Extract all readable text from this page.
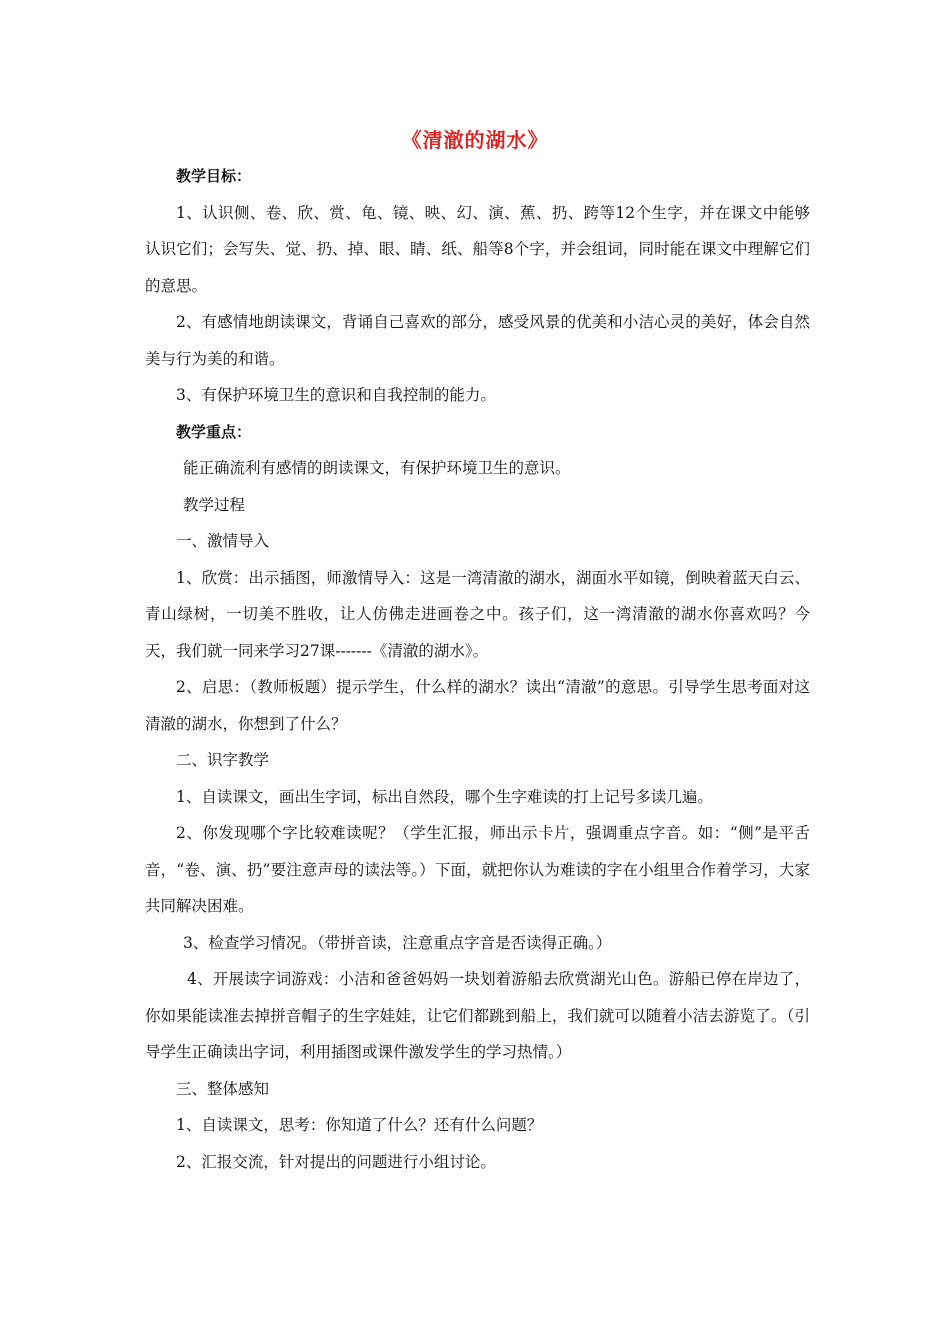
《清澈的湖水》

教学目标：

1、认识侧、卷、欣、赏、龟、镜、映、幻、演、蕉、扔、跨等12个生字，并在课文中能够认识它们；会写失、觉、扔、掉、眼、睛、纸、船等8个字，并会组词，同时能在课文中理解它们的意思。

2、有感情地朗读课文，背诵自己喜欢的部分，感受风景的优美和小洁心灵的美好，体会自然美与行为美的和谐。

3、有保护环境卫生的意识和自我控制的能力。

教学重点：

能正确流利有感情的朗读课文，有保护环境卫生的意识。

教学过程

一、激情导入

1、欣赏：出示插图，师激情导入：这是一湾清澈的湖水，湖面水平如镜，倒映着蓝天白云、青山绿树，一切美不胜收，让人仿佛走进画卷之中。孩子们，这一湾清澈的湖水你喜欢吗？今天，我们就一同来学习27课-------《清澈的湖水》。

2、启思：（教师板题）提示学生，什么样的湖水？读出“清澈”的意思。引导学生思考面对这清澈的湖水，你想到了什么？

二、识字教学

1、自读课文，画出生字词，标出自然段，哪个生字难读的打上记号多读几遍。

2、你发现哪个字比较难读呢？（学生汇报，师出示卡片，强调重点字音。如：“侧”是平舌音，“卷、演、扔”要注意声母的读法等。）下面，就把你认为难读的字在小组里合作着学习，大家共同解决困难。

3、检查学习情况。（带拼音读，注意重点字音是否读得正确。）

4、开展读字词游戏：小洁和爸爸妈妈一块划着游船去欣赏湖光山色。游船已停在岸边了，你如果能读准去掉拼音帽子的生字娃娃，让它们都跳到船上，我们就可以随着小洁去游览了。（引导学生正确读出字词，利用插图或课件激发学生的学习热情。）

三、整体感知

1、自读课文，思考：你知道了什么？还有什么问题？

2、汇报交流，针对提出的问题进行小组讨论。
